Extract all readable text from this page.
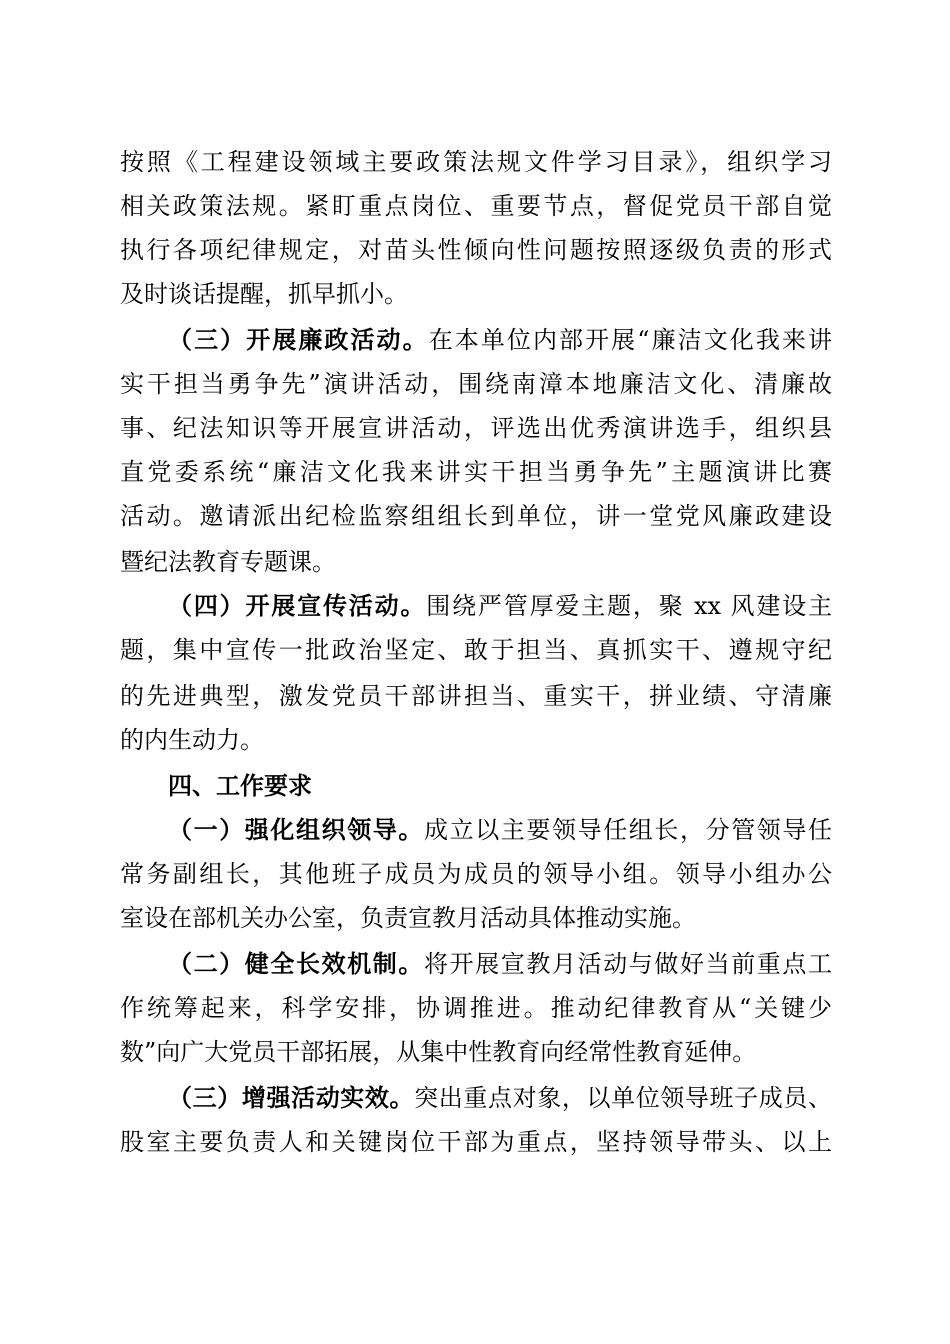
按照《工程建设领域主要政策法规文件学习目录》，组织学习
相关政策法规。紧盯重点岗位、重要节点，督促党员干部自觉
执行各项纪律规定，对苗头性倾向性问题按照逐级负责的形式
及时谈话提醒，抓早抓小。
（三）开展廉政活动。在本单位内部开展“廉洁文化我来讲
实干担当勇争先”演讲活动，围绕南漳本地廉洁文化、清廉故
事、纪法知识等开展宣讲活动，评选出优秀演讲选手，组织县
直党委系统“廉洁文化我来讲实干担当勇争先”主题演讲比赛
活动。邀请派出纪检监察组组长到单位，讲一堂党风廉政建设
暨纪法教育专题课。
（四）开展宣传活动。围绕严管厚爱主题，聚 xx 风建设主
题，集中宣传一批政治坚定、敢于担当、真抓实干、遵规守纪
的先进典型，激发党员干部讲担当、重实干，拼业绩、守清廉
的内生动力。
四、工作要求
（一）强化组织领导。成立以主要领导任组长，分管领导任
常务副组长，其他班子成员为成员的领导小组。领导小组办公
室设在部机关办公室，负责宣教月活动具体推动实施。
（二）健全长效机制。将开展宣教月活动与做好当前重点工
作统筹起来，科学安排，协调推进。推动纪律教育从“关键少
数”向广大党员干部拓展，从集中性教育向经常性教育延伸。
（三）增强活动实效。突出重点对象，以单位领导班子成员、
股室主要负责人和关键岗位干部为重点，坚持领导带头、以上
